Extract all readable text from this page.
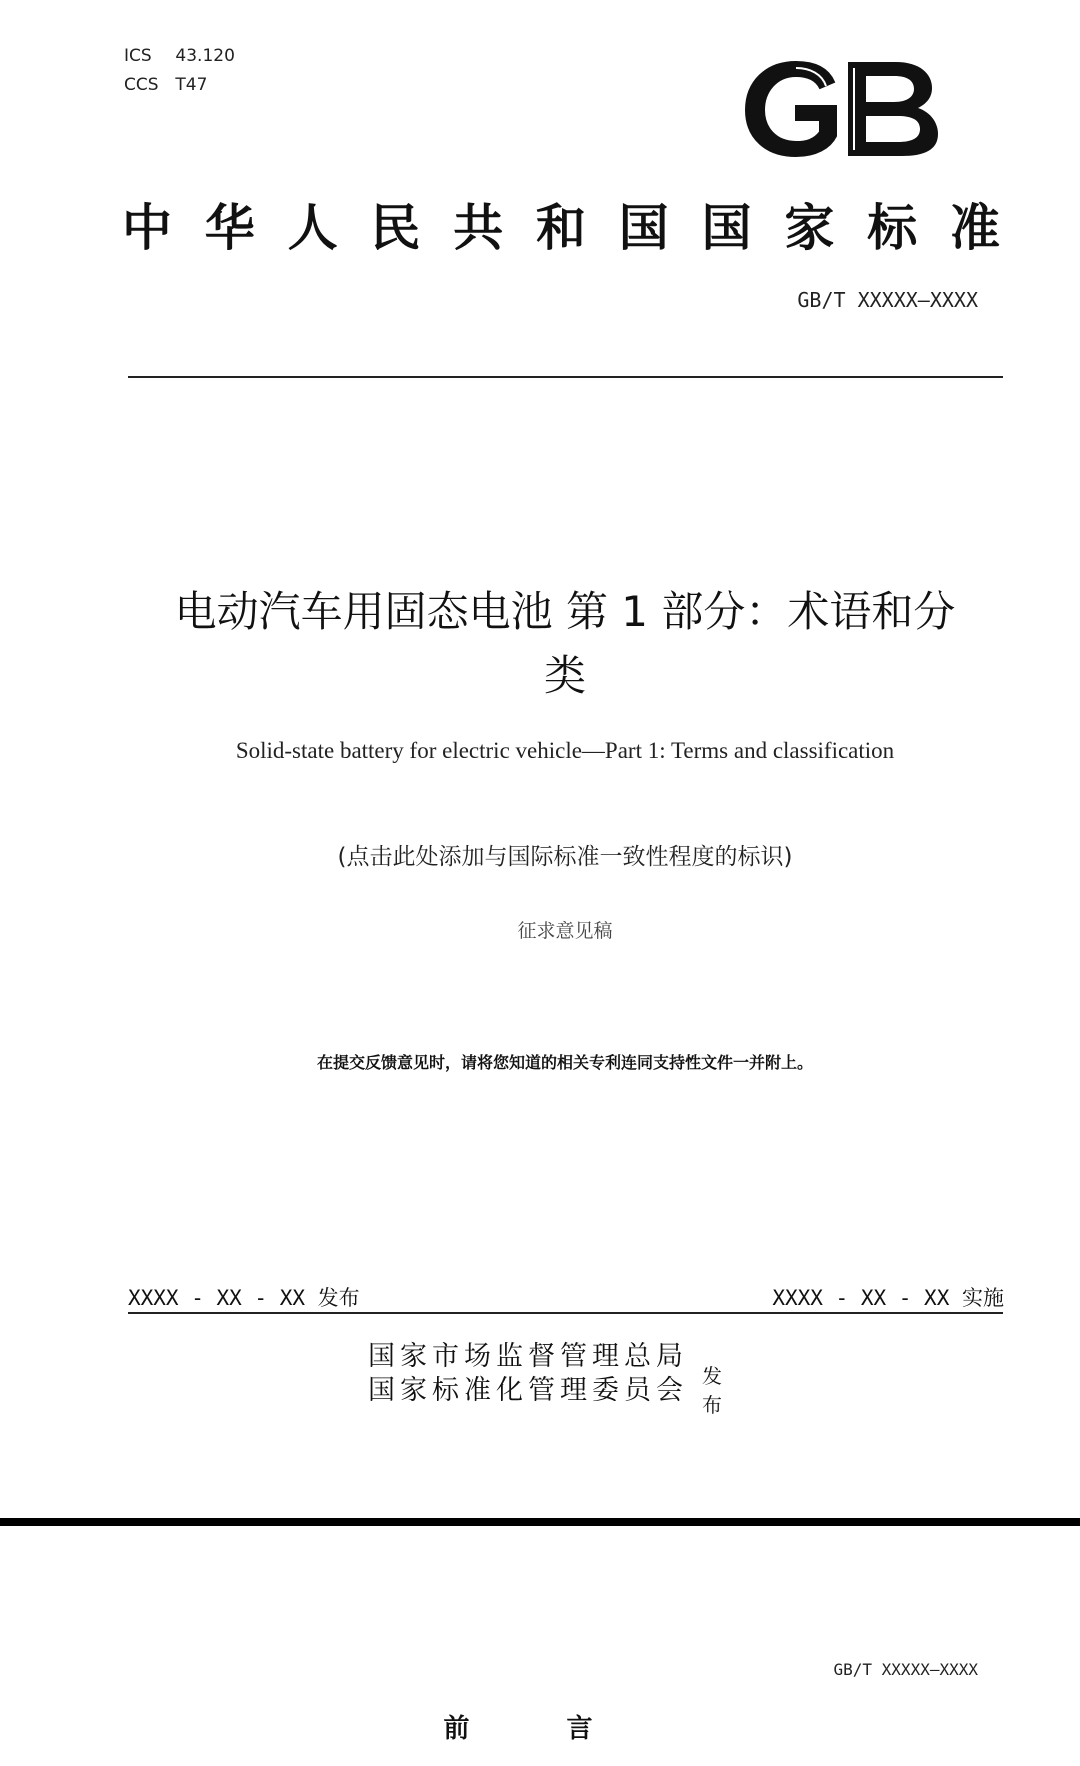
ICS 43.120
CCS T47
中华人民共和国国家标准
GB/T XXXXX—XXXX
电动汽车用固态电池 第 1 部分：术语和分
类
Solid-state battery for electric vehicle—Part 1: Terms and classification
(点击此处添加与国际标准一致性程度的标识)
征求意见稿
在提交反馈意见时，请将您知道的相关专利连同支持性文件一并附上。
XXXX - XX - XX 发布	XXXX - XX - XX 实施
国家市场监督管理总局
国家标准化管理委员会 发 布
GB/T XXXXX—XXXX
前 言
